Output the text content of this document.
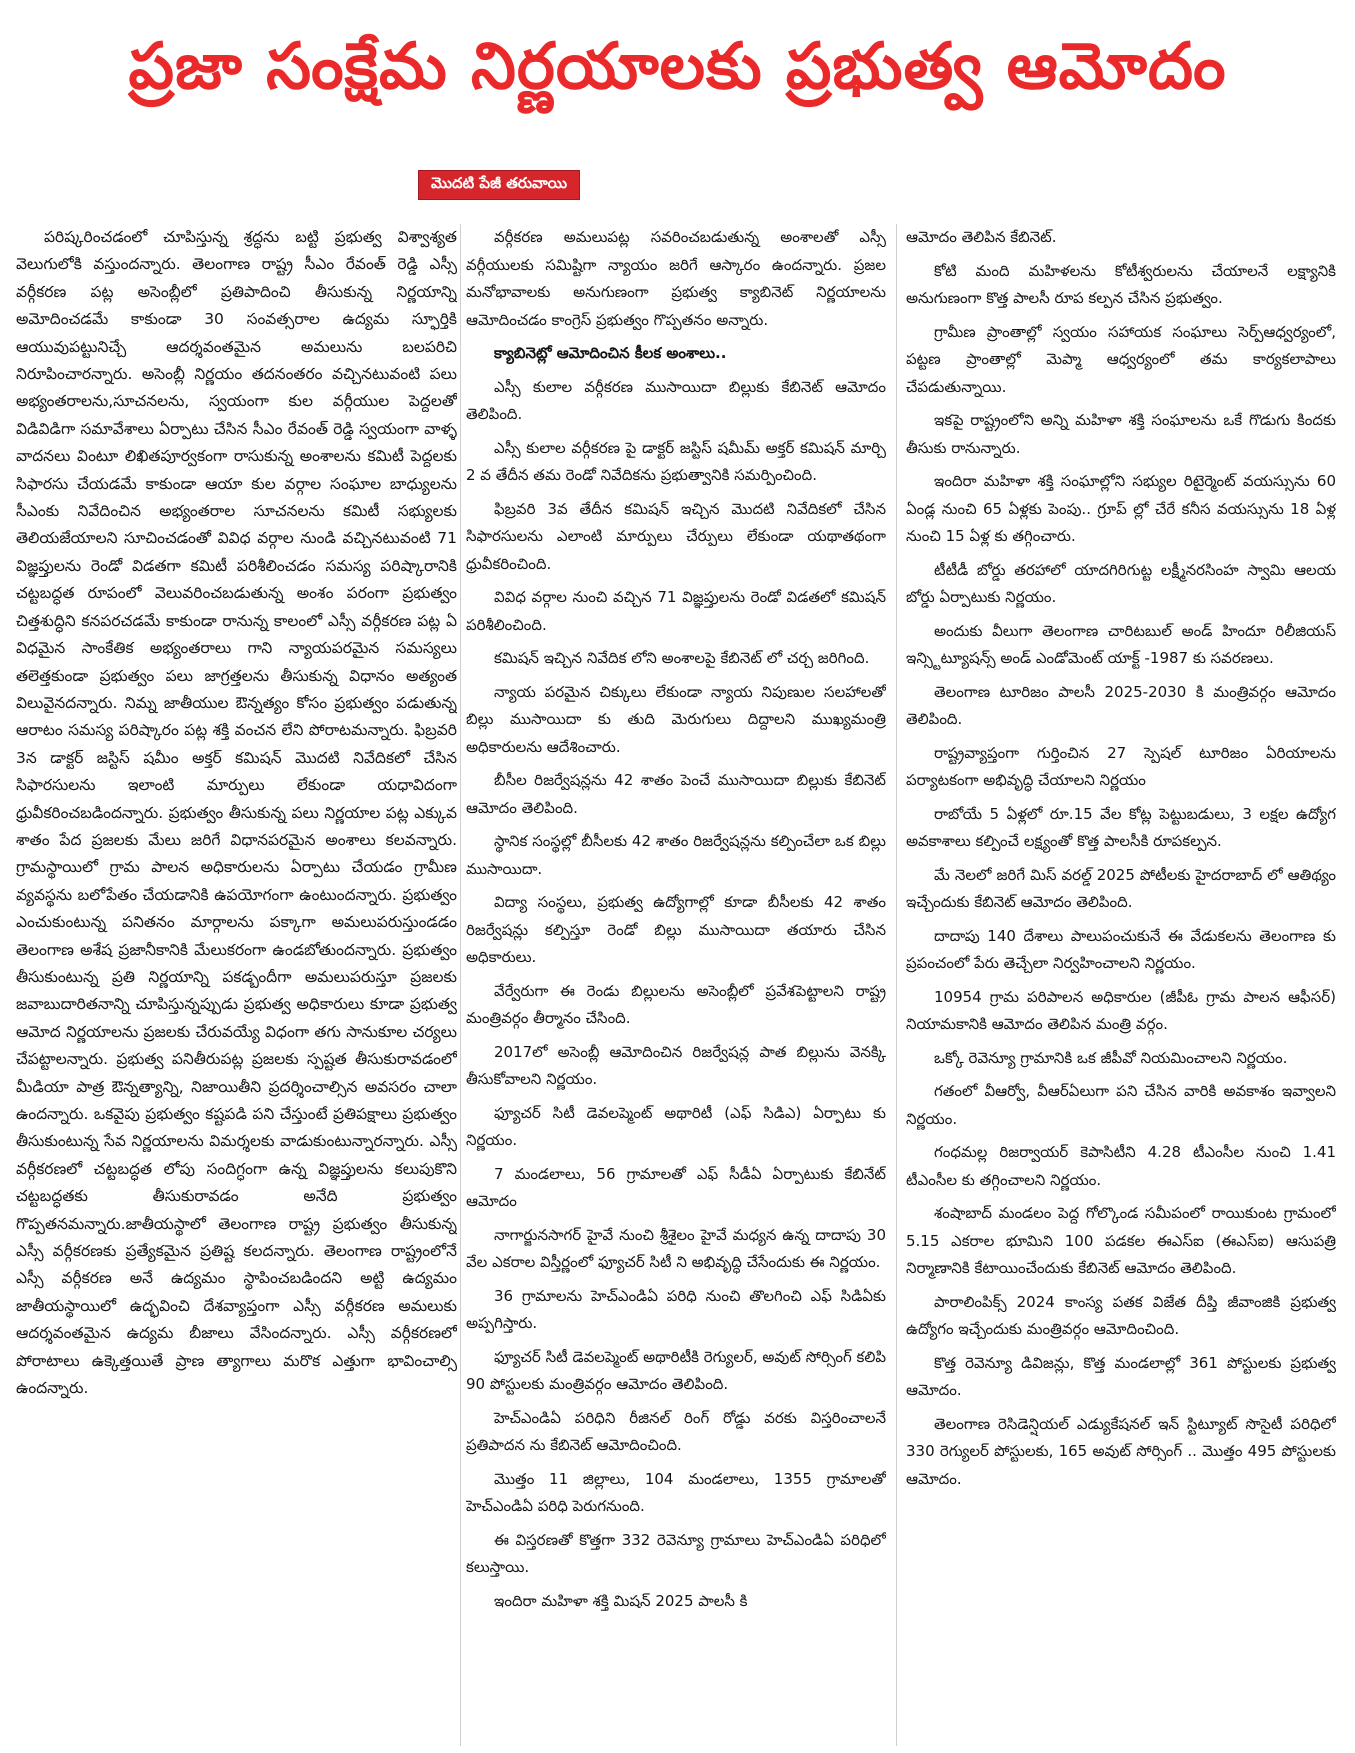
ప్రజా సంక్షేమ నిర్ణయాలకు ప్రభుత్వ ఆమోదం
మొదటి పేజీ తరువాయి

పరిష్కరించడంలో చూపిస్తున్న శ్రద్ధను బట్టి ప్రభుత్వ విశ్వాశ్యత వెలుగులోకి వస్తుందన్నారు. తెలంగాణ రాష్ట్ర సీఎం రేవంత్ రెడ్డి ఎస్సీ వర్గీకరణ పట్ల అసెంబ్లీలో ప్రతిపాదించి తీసుకున్న నిర్ణయాన్ని అమోదించడమే కాకుండా 30 సంవత్సరాల ఉద్యమ స్ఫూర్తికి ఆయువుపట్టునిచ్చే ఆదర్శవంతమైన అమలును బలపరిచి నిరూపించారన్నారు. అసెంబ్లీ నిర్ణయం తదనంతరం వచ్చినటువంటి పలు అభ్యంతరాలను,సూచనలను, స్వయంగా కుల వర్గీయుల పెద్దలతో విడివిడిగా సమావేశాలు ఏర్పాటు చేసిన సీఎం రేవంత్ రెడ్డి స్వయంగా వాళ్ళ వాదనలు వింటూ లిఖితపూర్వకంగా రాసుకున్న అంశాలను కమిటీ పెద్దలకు సిఫారసు చేయడమే కాకుండా ఆయా కుల వర్గాల సంఘాల బాధ్యులను సీఎంకు నివేదించిన అభ్యంతరాల సూచనలను కమిటీ సభ్యులకు తెలియజేయాలని సూచించడంతో వివిధ వర్గాల నుండి వచ్చినటువంటి 71 విజ్ఞప్తులను రెండో విడతగా కమిటీ పరిశీలించడం సమస్య పరిష్కారానికి చట్టబద్ధత రూపంలో వెలువరించబడుతున్న అంశం పరంగా ప్రభుత్వం చిత్తశుద్ధిని కనపరచడమే కాకుండా రానున్న కాలంలో ఎస్సీ వర్గీకరణ పట్ల ఏ విధమైన సాంకేతిక అభ్యంతరాలు గాని న్యాయపరమైన సమస్యలు తలెత్తకుండా ప్రభుత్వం పలు జాగ్రత్తలను తీసుకున్న విధానం అత్యంత విలువైనదన్నారు. నిమ్న జాతీయుల ఔన్నత్యం కోసం ప్రభుత్వం పడుతున్న ఆరాటం సమస్య పరిష్కారం పట్ల శక్తి వంచన లేని పోరాటమన్నారు. ఫిబ్రవరి 3న డాక్టర్ జస్టిస్ షమీం అక్తర్ కమిషన్ మొదటి నివేదికలో చేసిన సిఫారసులను ఇలాంటి మార్పులు లేకుండా యధావిదంగా ధ్రువీకరించబడిందన్నారు. ప్రభుత్వం తీసుకున్న పలు నిర్ణయాల పట్ల ఎక్కువ శాతం పేద ప్రజలకు మేలు జరిగే విధానపరమైన అంశాలు కలవన్నారు. గ్రామస్థాయిలో గ్రామ పాలన అధికారులను ఏర్పాటు చేయడం గ్రామీణ వ్యవస్థను బలోపేతం చేయడానికి ఉపయోగంగా ఉంటుందన్నారు. ప్రభుత్వం ఎంచుకుంటున్న పనితనం మార్గాలను పక్కాగా అమలుపరుస్తుండడం తెలంగాణ అశేష ప్రజానీకానికి మేలుకరంగా ఉండబోతుందన్నారు. ప్రభుత్వం తీసుకుంటున్న ప్రతి నిర్ణయాన్ని పకడ్బందీగా అమలుపరుస్తూ ప్రజలకు జవాబుదారితనాన్ని చూపిస్తున్నప్పుడు ప్రభుత్వ అధికారులు కూడా ప్రభుత్వ ఆమోద నిర్ణయాలను ప్రజలకు చేరువయ్యే విధంగా తగు సానుకూల చర్యలు చేపట్టాలన్నారు. ప్రభుత్వ పనితీరుపట్ల ప్రజలకు స్పష్టత తీసుకురావడంలో మీడియా పాత్ర ఔన్నత్యాన్ని, నిజాయితీని ప్రదర్శించాల్సిన అవసరం చాలా ఉందన్నారు. ఒకవైపు ప్రభుత్వం కష్టపడి పని చేస్తుంటే ప్రతిపక్షాలు ప్రభుత్వం తీసుకుంటున్న సేవ నిర్ణయాలను విమర్శలకు వాడుకుంటున్నారన్నారు. ఎస్సీ వర్గీకరణలో చట్టబద్ధత లోపు సందిగ్ధంగా ఉన్న విజ్ఞప్తులను కలుపుకొని చట్టబద్ధతకు తీసుకురావడం అనేది ప్రభుత్వం గొప్పతనమన్నారు.జాతీయస్థాలో తెలంగాణ రాష్ట్ర ప్రభుత్వం తీసుకున్న ఎస్సీ వర్గీకరణకు ప్రత్యేకమైన ప్రతిష్ట కలదన్నారు. తెలంగాణ రాష్ట్రంలోనే ఎస్సీ వర్గీకరణ అనే ఉద్యమం స్థాపించబడిందని అట్టి ఉద్యమం జాతీయస్థాయిలో ఉద్భవించి దేశవ్యాప్తంగా ఎస్సీ వర్గీకరణ అమలుకు ఆదర్శవంతమైన ఉద్యమ బీజాలు వేసిందన్నారు. ఎస్సీ వర్గీకరణలో పోరాటాలు ఉక్కెత్తయితే ప్రాణ త్యాగాలు మరొక ఎత్తుగా భావించాల్సి ఉందన్నారు.

వర్గీకరణ అమలుపట్ల సవరించబడుతున్న అంశాలతో ఎస్సీ వర్గీయులకు సమిష్టిగా న్యాయం జరిగే ఆస్కారం ఉందన్నారు. ప్రజల మనోభావాలకు అనుగుణంగా ప్రభుత్వ క్యాబినెట్ నిర్ణయాలను ఆమోదించడం కాంగ్రెస్ ప్రభుత్వం గొప్పతనం అన్నారు.

క్యాబినెట్లో ఆమోదించిన కీలక అంశాలు..

ఎస్సీ కులాల వర్గీకరణ ముసాయిదా బిల్లుకు కేబినెట్ ఆమోదం తెలిపింది.

ఎస్సీ కులాల వర్గీకరణ పై డాక్టర్ జస్టిస్ షమీమ్ అక్తర్ కమిషన్ మార్చి 2 వ తేదీన తమ రెండో నివేదికను ప్రభుత్వానికి సమర్పించింది.

ఫిబ్రవరి 3వ తేదీన కమిషన్ ఇచ్చిన మొదటి నివేదికలో చేసిన సిఫారసులను ఎలాంటి మార్పులు చేర్పులు లేకుండా యథాతథంగా ధ్రువీకరించింది.

వివిధ వర్గాల నుంచి వచ్చిన 71 విజ్ఞప్తులను రెండో విడతలో కమిషన్ పరిశీలించింది.

కమిషన్ ఇచ్చిన నివేదిక లోని అంశాలపై కేబినెట్ లో చర్చ జరిగింది.

న్యాయ పరమైన చిక్కులు లేకుండా న్యాయ నిపుణుల సలహాలతో బిల్లు ముసాయిదా కు తుది మెరుగులు దిద్దాలని ముఖ్యమంత్రి అధికారులను ఆదేశించారు.

బీసీల రిజర్వేషన్లను 42 శాతం పెంచే ముసాయిదా బిల్లుకు కేబినెట్ ఆమోదం తెలిపింది.

స్థానిక సంస్థల్లో బీసీలకు 42 శాతం రిజర్వేషన్లను కల్పించేలా ఒక బిల్లు ముసాయిదా.

విద్యా సంస్థలు, ప్రభుత్వ ఉద్యోగాల్లో కూడా బీసీలకు 42 శాతం రిజర్వేషన్లు కల్పిస్తూ రెండో బిల్లు ముసాయిదా తయారు చేసిన అధికారులు.

వేర్వేరుగా ఈ రెండు బిల్లులను అసెంబ్లీలో ప్రవేశపెట్టాలని రాష్ట్ర మంత్రివర్గం తీర్మానం చేసింది.

2017లో అసెంబ్లీ ఆమోదించిన రిజర్వేషన్ల పాత బిల్లును వెనక్కి తీసుకోవాలని నిర్ణయం.

ఫ్యూచర్ సిటీ డెవలప్మెంట్ అథారిటీ (ఎఫ్ సిడిఎ) ఏర్పాటు కు నిర్ణయం.

7 మండలాలు, 56 గ్రామాలతో ఎఫ్ సీడీఏ ఏర్పాటుకు కేబినేట్ ఆమోదం

నాగార్జునసాగర్ హైవే నుంచి శ్రీశైలం హైవే మధ్యన ఉన్న దాదాపు 30 వేల ఎకరాల విస్తీర్ణంలో ఫ్యూచర్ సిటీ ని అభివృద్ధి చేసేందుకు ఈ నిర్ణయం.

36 గ్రామాలను హెచ్ఎండిఏ పరిధి నుంచి తొలగించి ఎఫ్ సిడిఏకు అప్పగిస్తారు.

ఫ్యూచర్ సిటీ డెవలప్మెంట్ అథారిటీకి రెగ్యులర్, అవుట్ సోర్సింగ్ కలిపి 90 పోస్టులకు మంత్రివర్గం ఆమోదం తెలిపింది.

హెచ్ఎండిఏ పరిధిని రీజినల్ రింగ్ రోడ్డు వరకు విస్తరించాలనే ప్రతిపాదన ను కేబినెట్ ఆమోదించింది.

మొత్తం 11 జిల్లాలు, 104 మండలాలు, 1355 గ్రామాలతో హెచ్ఎండిఏ పరిధి పెరుగనుంది.

ఈ విస్తరణతో కొత్తగా 332 రెవెన్యూ గ్రామాలు హెచ్ఎండిఏ పరిధిలో కలుస్తాయి.

ఇందిరా మహిళా శక్తి మిషన్ 2025 పాలసీ కి

ఆమోదం తెలిపిన కేబినెట్.

కోటి మంది మహిళలను కోటీశ్వరులను చేయాలనే లక్ష్యానికి అనుగుణంగా కొత్త పాలసీ రూప కల్పన చేసిన ప్రభుత్వం.

గ్రామీణ ప్రాంతాల్లో స్వయం సహాయక సంఘాలు సెర్ప్ఆధ్వర్యంలో, పట్టణ ప్రాంతాల్లో మెప్మా ఆధ్వర్యంలో తమ కార్యకలాపాలు చేపడుతున్నాయి.

ఇకపై రాష్ట్రంలోని అన్ని మహిళా శక్తి సంఘాలను ఒకే గొడుగు కిందకు తీసుకు రానున్నారు.

ఇందిరా మహిళా శక్తి సంఘాల్లోని సభ్యుల రిటైర్మెంట్ వయస్సును 60 ఏండ్ల నుంచి 65 ఏళ్లకు పెంపు.. గ్రూప్ ల్లో చేరే కనీస వయస్సును 18 ఏళ్ల నుంచి 15 ఏళ్ల కు తగ్గించారు.

టీటీడీ బోర్డు తరహాలో యాదగిరిగుట్ట లక్ష్మీనరసింహ స్వామి ఆలయ బోర్డు ఏర్పాటుకు నిర్ణయం.

అందుకు వీలుగా తెలంగాణ చారిటబుల్ అండ్ హిందూ రిలీజియస్ ఇన్స్టిట్యూషన్స్ అండ్ ఎండోమెంట్ యాక్ట్ -1987 కు సవరణలు.

తెలంగాణ టూరిజం పాలసీ 2025-2030 కి మంత్రివర్గం ఆమోదం తెలిపింది.

రాష్ట్రవ్యాప్తంగా గుర్తించిన 27 స్పెషల్ టూరిజం ఏరియాలను పర్యాటకంగా అభివృద్ధి చేయాలని నిర్ణయం

రాబోయే 5 ఏళ్లలో రూ.15 వేల కోట్ల పెట్టుబడులు, 3 లక్షల ఉద్యోగ అవకాశాలు కల్పించే లక్ష్యంతో కొత్త పాలసీకి రూపకల్పన.

మే నెలలో జరిగే మిస్ వరల్డ్ 2025 పోటీలకు హైదరాబాద్ లో ఆతిథ్యం ఇచ్చేందుకు కేబినెట్ ఆమోదం తెలిపింది.

దాదాపు 140 దేశాలు పాలుపంచుకునే ఈ వేడుకలను తెలంగాణ కు ప్రపంచంలో పేరు తెచ్చేలా నిర్వహించాలని నిర్ణయం.

10954 గ్రామ పరిపాలన అధికారుల (జీపీఓ గ్రామ పాలన ఆఫీసర్) నియామకానికి ఆమోదం తెలిపిన మంత్రి వర్గం.

ఒక్కో రెవెన్యూ గ్రామానికి ఒక జీపీవో నియమించాలని నిర్ణయం.

గతంలో వీఆర్వో, వీఆర్ఏలుగా పని చేసిన వారికి అవకాశం ఇవ్వాలని నిర్ణయం.

గంధమల్ల రిజర్వాయర్ కెపాసిటీని 4.28 టీఎంసీల నుంచి 1.41 టీఎంసీల కు తగ్గించాలని నిర్ణయం.

శంషాబాద్ మండలం పెద్ద గోల్కొండ సమీపంలో రాయికుంట గ్రామంలో 5.15 ఎకరాల భూమిని 100 పడకల ఈఎస్ఐ (ఈఎస్ఐ) ఆసుపత్రి నిర్మాణానికి కేటాయించేందుకు కేబినెట్ ఆమోదం తెలిపింది.

పారాలింపిక్స్ 2024 కాంస్య పతక విజేత దీప్తి జీవాంజికి ప్రభుత్వ ఉద్యోగం ఇచ్చేందుకు మంత్రివర్గం ఆమోదించింది.

కొత్త రెవెన్యూ డివిజన్లు, కొత్త మండలాల్లో 361 పోస్టులకు ప్రభుత్వ ఆమోదం.

తెలంగాణ రెసిడెన్షియల్ ఎడ్యుకేషనల్ ఇన్ స్టిట్యూట్ సొసైటీ పరిధిలో 330 రెగ్యులర్ పోస్టులకు, 165 అవుట్ సోర్సింగ్ .. మొత్తం 495 పోస్టులకు ఆమోదం.
